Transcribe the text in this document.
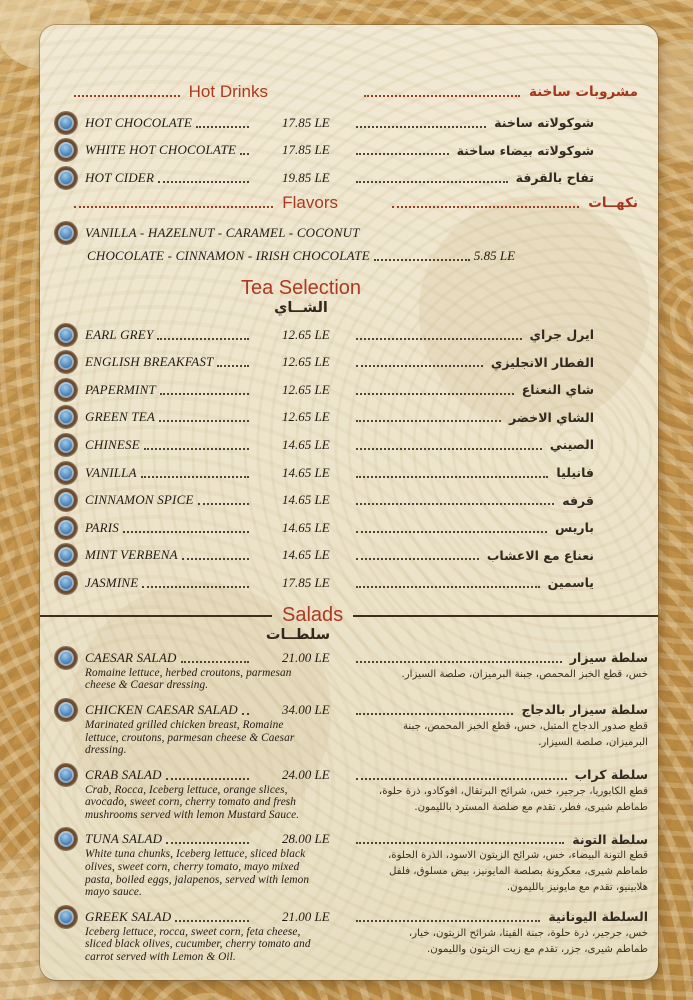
Hot Drinks	مشروبات ساخنة
HOT CHOCOLATE	17.85 LE	شوكولاته ساخنة
WHITE HOT CHOCOLATE	17.85 LE	شوكولاته بيضاء ساخنة
HOT CIDER	19.85 LE	تفاح بالقرفة
Flavors	نكهــات
VANILLA - HAZELNUT - CARAMEL - COCONUT
CHOCOLATE - CINNAMON - IRISH CHOCOLATE	5.85 LE
Tea Selection
الشــاي
EARL GREY	12.65 LE	ايرل جراي
ENGLISH BREAKFAST	12.65 LE	الفطار الانجليزي
PAPERMINT	12.65 LE	شاي النعناع
GREEN TEA	12.65 LE	الشاي الاخضر
CHINESE	14.65 LE	الصيني
VANILLA	14.65 LE	فانيليا
CINNAMON SPICE	14.65 LE	قرفه
PARIS	14.65 LE	باريس
MINT VERBENA	14.65 LE	نعناع مع الاعشاب
JASMINE	17.85 LE	ياسمين
Salads
سلطــات
CAESAR SALAD	21.00 LE	سلطة سيزار
Romaine lettuce, herbed croutons, parmesan cheese & Caesar dressing.
خس، قطع الخبز المحمص، جبنة البرميزان، صلصة السيزار.
CHICKEN CAESAR SALAD	34.00 LE	سلطة سيزار بالدجاج
Marinated grilled chicken breast, Romaine lettuce, croutons, parmesan cheese & Caesar dressing.
قطع صدور الدجاج المتبل، خس، قطع الخبز المحمص، جبنة البرميزان، صلصة السيزار.
CRAB SALAD	24.00 LE	سلطة كراب
Crab, Rocca, Iceberg lettuce, orange slices, avocado, sweet corn, cherry tomato and fresh mushrooms served with lemon Mustard Sauce.
قطع الكابوريا، جرجير، خس، شرائح البرتقال، افوكادو، ذرة حلوة، طماطم شيرى، فطر، تقدم مع صلصة المسترد بالليمون.
TUNA SALAD	28.00 LE	سلطة التونة
White tuna chunks, Iceberg lettuce, sliced black olives, sweet corn, cherry tomato, mayo mixed pasta, boiled eggs, jalapenos, served with lemon mayo sauce.
قطع التونة البيضاء، خس، شرائح الزيتون الاسود، الذرة الحلوة، طماطم شيرى، معكرونة بصلصة المايونيز، بيض مسلوق، فلفل هلابينيو، تقدم مع مايونيز بالليمون.
GREEK SALAD	21.00 LE	السلطة اليونانية
Iceberg lettuce, rocca, sweet corn, feta cheese, sliced black olives, cucumber, cherry tomato and carrot served with Lemon & Oil.
خس، جرجير، ذرة حلوة، جبنة الفيتا، شرائح الزيتون، خيار، طماطم شيرى، جزر، تقدم مع زيت الزيتون والليمون.
